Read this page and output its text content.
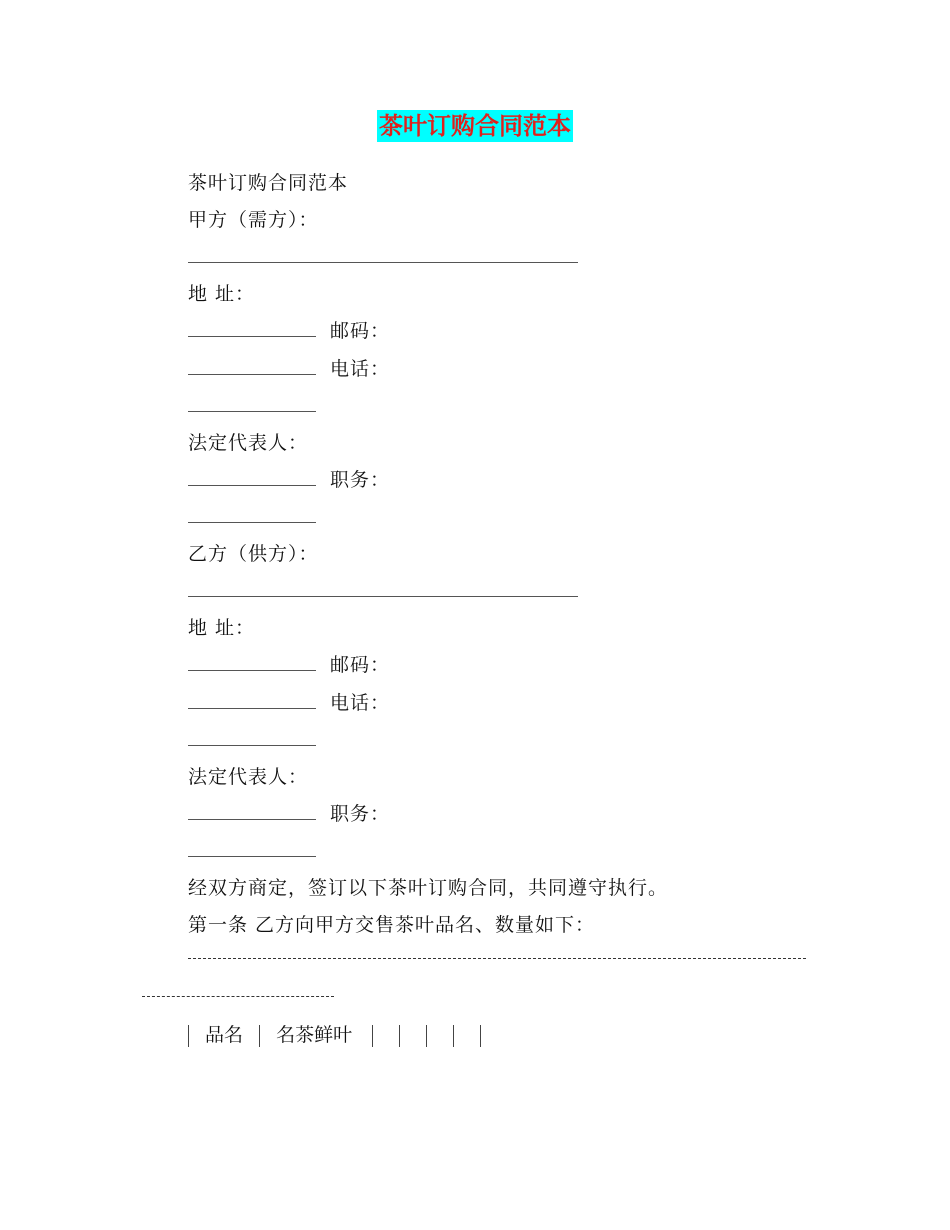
茶叶订购合同范本
茶叶订购合同范本
甲方（需方）：
地 址：
邮码：
电话：
法定代表人：
职务：
乙方（供方）：
地 址：
邮码：
电话：
法定代表人：
职务：
经双方商定，签订以下茶叶订购合同，共同遵守执行。
第一条 乙方向甲方交售茶叶品名、数量如下：
品名 名茶鲜叶
